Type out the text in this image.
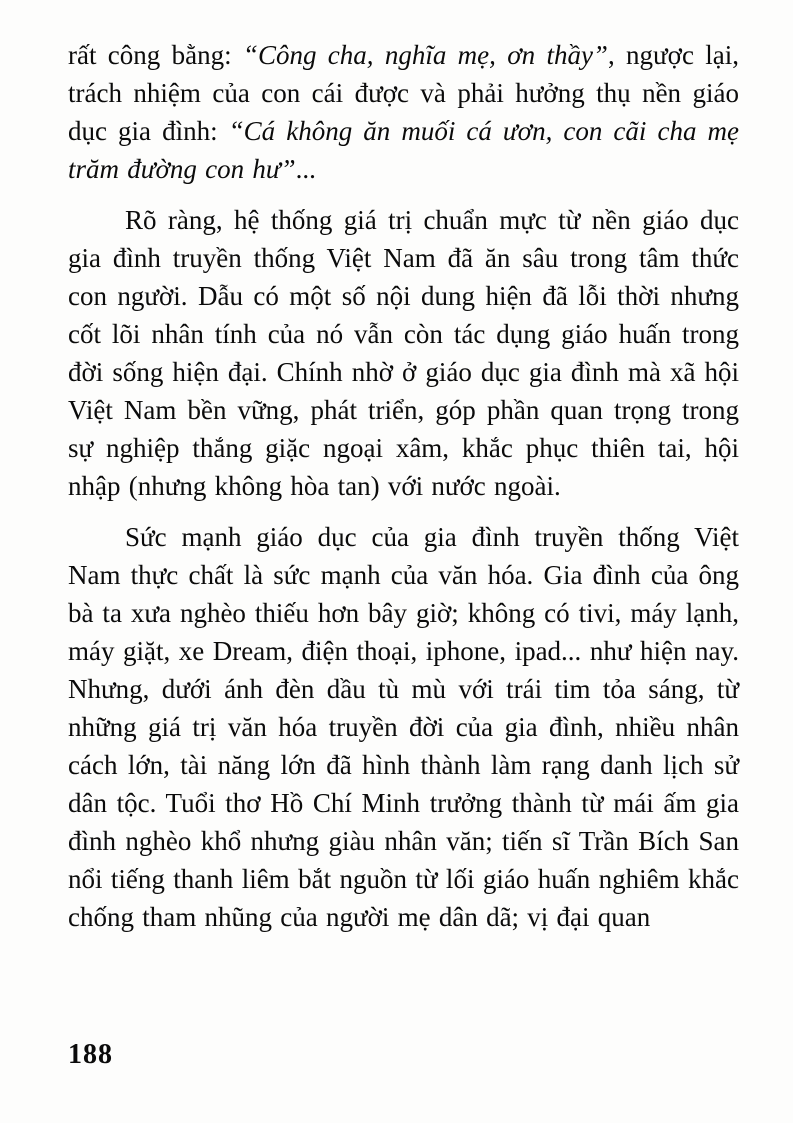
rất công bằng: “Công cha, nghĩa mẹ, ơn thầy”, ngược lại, trách nhiệm của con cái được và phải hưởng thụ nền giáo dục gia đình: “Cá không ăn muối cá ươn, con cãi cha mẹ trăm đường con hư”...

Rõ ràng, hệ thống giá trị chuẩn mực từ nền giáo dục gia đình truyền thống Việt Nam đã ăn sâu trong tâm thức con người. Dẫu có một số nội dung hiện đã lỗi thời nhưng cốt lõi nhân tính của nó vẫn còn tác dụng giáo huấn trong đời sống hiện đại. Chính nhờ ở giáo dục gia đình mà xã hội Việt Nam bền vững, phát triển, góp phần quan trọng trong sự nghiệp thắng giặc ngoại xâm, khắc phục thiên tai, hội nhập (nhưng không hòa tan) với nước ngoài.

Sức mạnh giáo dục của gia đình truyền thống Việt Nam thực chất là sức mạnh của văn hóa. Gia đình của ông bà ta xưa nghèo thiếu hơn bây giờ; không có tivi, máy lạnh, máy giặt, xe Dream, điện thoại, iphone, ipad... như hiện nay. Nhưng, dưới ánh đèn dầu tù mù với trái tim tỏa sáng, từ những giá trị văn hóa truyền đời của gia đình, nhiều nhân cách lớn, tài năng lớn đã hình thành làm rạng danh lịch sử dân tộc. Tuổi thơ Hồ Chí Minh trưởng thành từ mái ấm gia đình nghèo khổ nhưng giàu nhân văn; tiến sĩ Trần Bích San nổi tiếng thanh liêm bắt nguồn từ lối giáo huấn nghiêm khắc chống tham nhũng của người mẹ dân dã; vị đại quan

188
